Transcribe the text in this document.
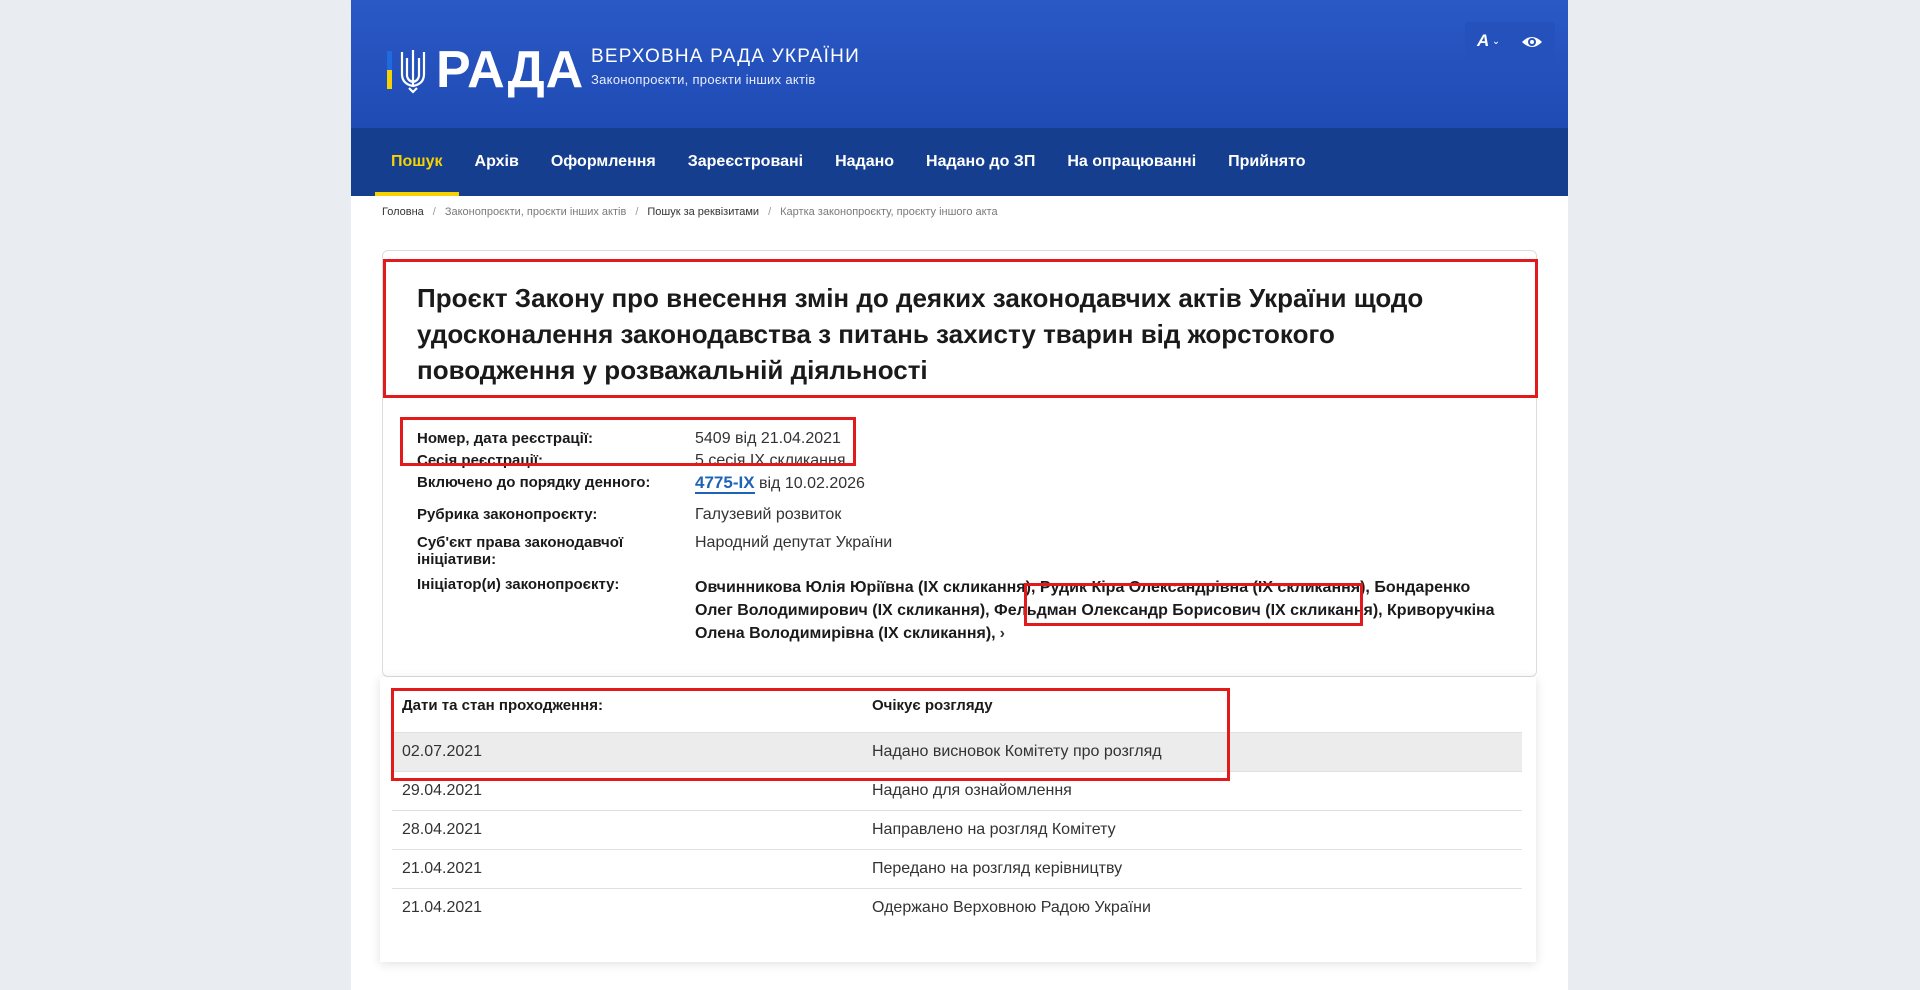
РАДА ВЕРХОВНА РАДА УКРАЇНИ
Законопроєкти, проєкти інших актів
А ⌄
Пошук	Архів	Оформлення	Зареєстровані	Надано	Надано до ЗП	На опрацюванні	Прийнято
Головна / Законопроєкти, проєкти інших актів / Пошук за реквізитами / Картка законопроєкту, проєкту іншого акта
Проєкт Закону про внесення змін до деяких законодавчих актів України щодо удосконалення законодавства з питань захисту тварин від жорстокого поводження у розважальній діяльності
Номер, дата реєстрації:	5409 від 21.04.2021
Сесія реєстрації:	5 сесія IX скликання
Включено до порядку денного:	4775-IX від 10.02.2026
Рубрика законопроєкту:	Галузевий розвиток
Суб'єкт права законодавчої ініціативи:
Народний депутат України
Ініціатор(и) законопроєкту:	Овчинникова Юлія Юріївна (IX скликання), Рудик Кіра Олександрівна (IX скликання), Бондаренко Олег Володимирович (IX скликання), Фельдман Олександр Борисович (IX скликання), Криворучкіна Олена Володимирівна (IX скликання), ›
Дати та стан проходження:	Очікує розгляду
02.07.2021	Надано висновок Комітету про розгляд
29.04.2021	Надано для ознайомлення
28.04.2021	Направлено на розгляд Комітету
21.04.2021	Передано на розгляд керівництву
21.04.2021	Одержано Верховною Радою України
